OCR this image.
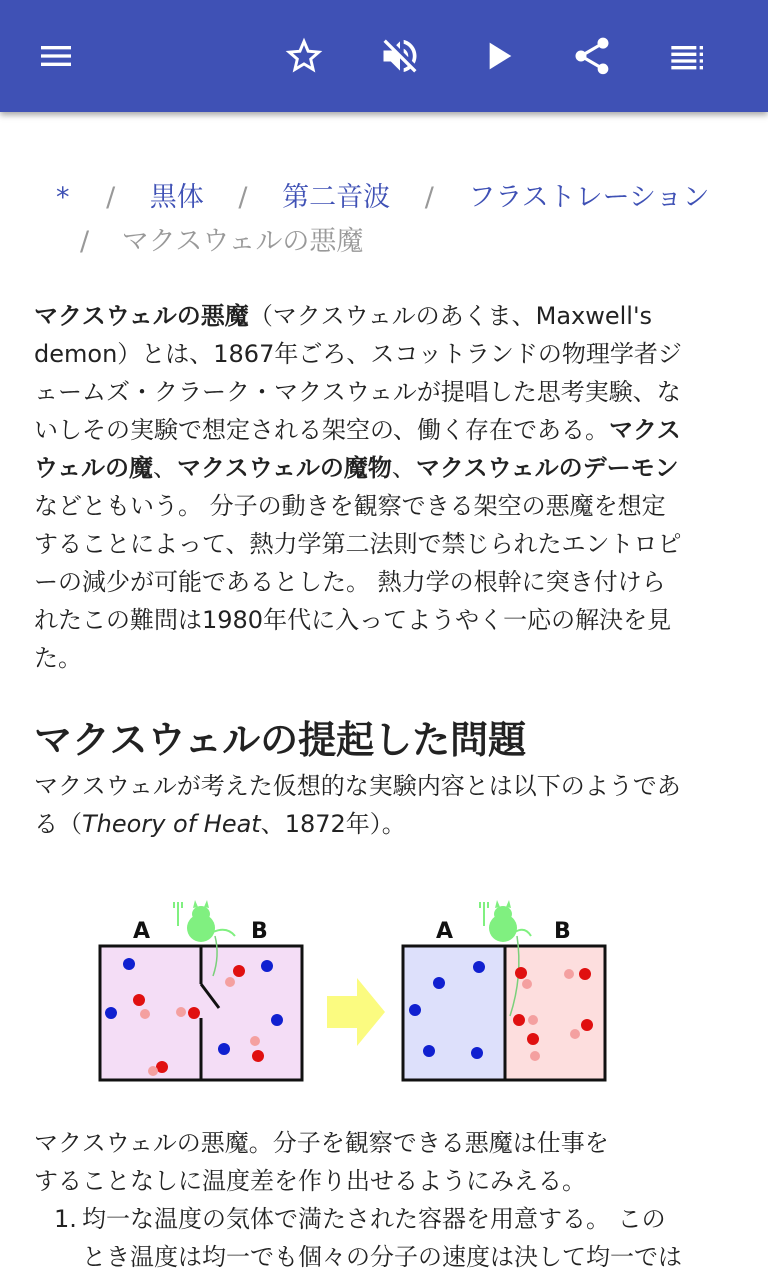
* / 黒体 / 第二音波 / フラストレーション
/ マクスウェルの悪魔
マクスウェルの悪魔（マクスウェルのあくま、Maxwell's
demon）とは、1867年ごろ、スコットランドの物理学者ジ
ェームズ・クラーク・マクスウェルが提唱した思考実験、な
いしその実験で想定される架空の、働く存在である。マクス
ウェルの魔、マクスウェルの魔物、マクスウェルのデーモン
などともいう。 分子の動きを観察できる架空の悪魔を想定
することによって、熱力学第二法則で禁じられたエントロピ
ーの減少が可能であるとした。 熱力学の根幹に突き付けら
れたこの難問は1980年代に入ってようやく一応の解決を見
た。
マクスウェルの提起した問題
マクスウェルが考えた仮想的な実験内容とは以下のようであ
る（Theory of Heat、1872年）。
A	B	A	B
マクスウェルの悪魔。分子を観察できる悪魔は仕事を
することなしに温度差を作り出せるようにみえる。
1. 均一な温度の気体で満たされた容器を用意する。 この
とき温度は均一でも個々の分子の速度は決して均一では
